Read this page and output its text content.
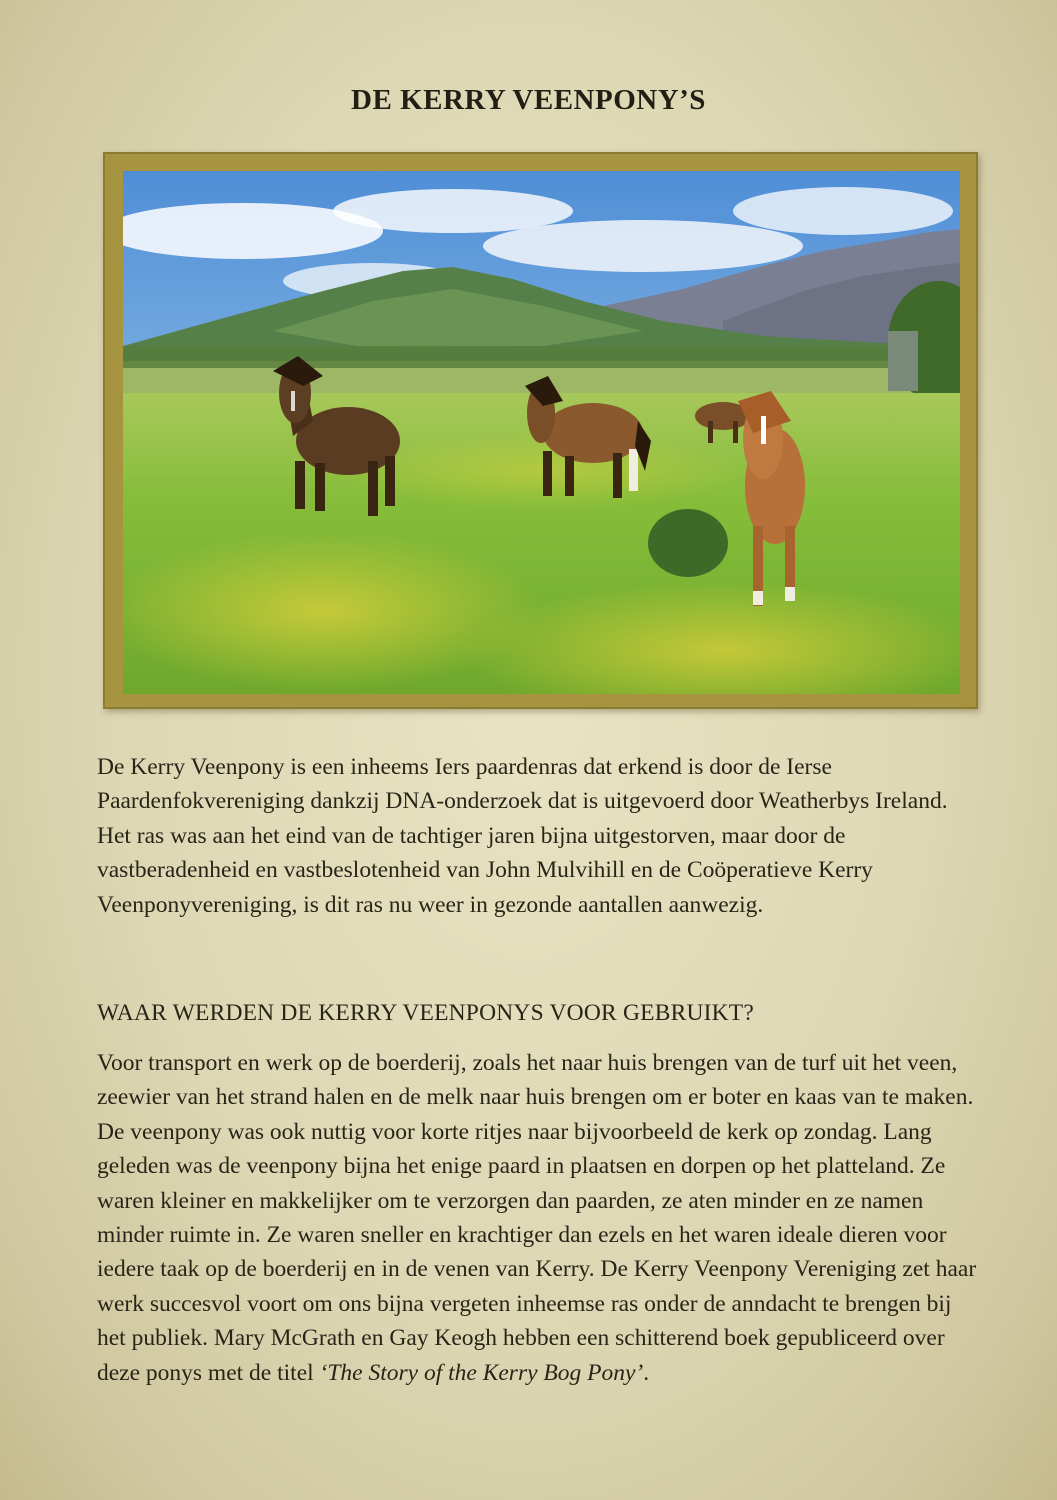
DE KERRY VEENPONY’S
De Kerry Veenpony is een inheems Iers paardenras dat erkend is door de Ierse Paardenfokvereniging dankzij DNA-onderzoek dat is uitgevoerd door Weatherbys Ireland. Het ras was aan het eind van de tachtiger jaren bijna uitgestorven, maar door de vastberadenheid en vastbeslotenheid van John Mulvihill en de Coöperatieve Kerry Veenponyvereniging, is dit ras nu weer in gezonde aantallen aanwezig.
WAAR WERDEN DE KERRY VEENPONYS VOOR GEBRUIKT?
Voor transport en werk op de boerderij, zoals het naar huis brengen van de turf uit het veen, zeewier van het strand halen en de melk naar huis brengen om er boter en kaas van te maken. De veenpony was ook nuttig voor korte ritjes naar bijvoorbeeld de kerk op zondag. Lang geleden was de veenpony bijna het enige paard in plaatsen en dorpen op het platteland. Ze waren kleiner en makkelijker om te verzorgen dan paarden, ze aten minder en ze namen minder ruimte in. Ze waren sneller en krachtiger dan ezels en het waren ideale dieren voor iedere taak op de boerderij en in de venen van Kerry. De Kerry Veenpony Vereniging zet haar werk succesvol voort om ons bijna vergeten inheemse ras onder de anndacht te brengen bij het publiek. Mary McGrath en Gay Keogh hebben een schitterend boek gepubliceerd over deze ponys met de titel ‘The Story of the Kerry Bog Pony’.
